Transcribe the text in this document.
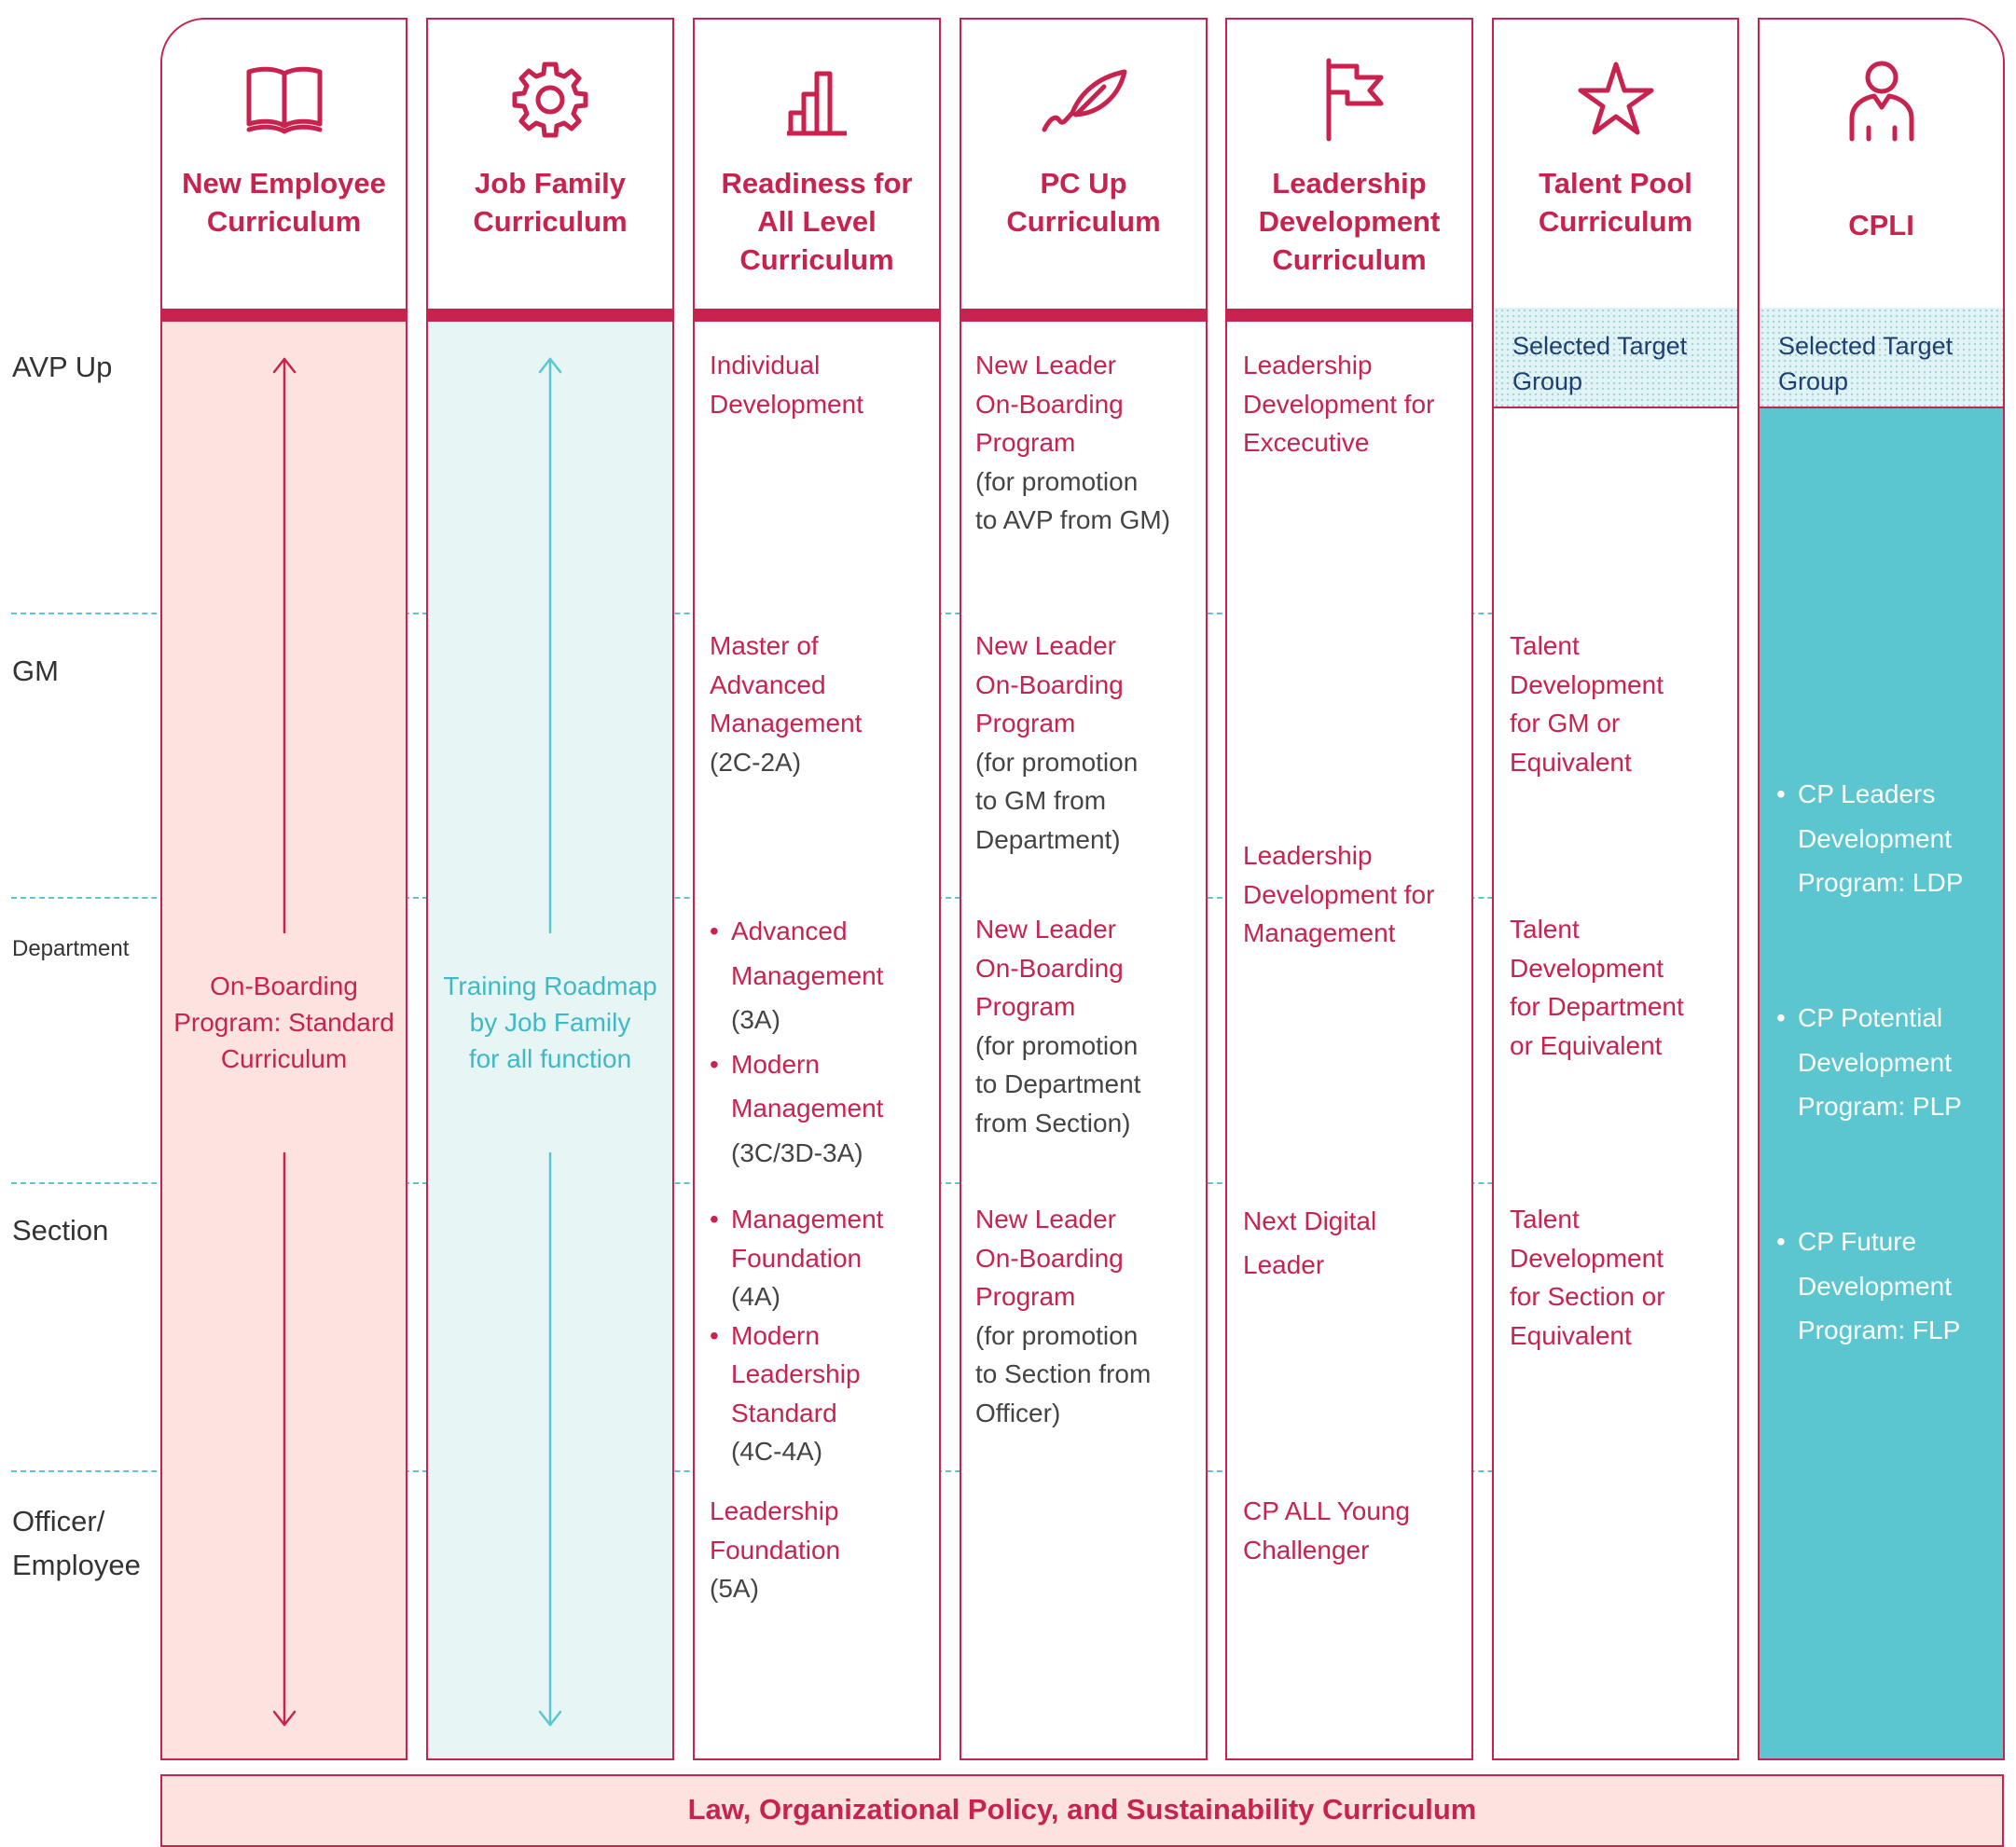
AVP Up
GM
Department
Section
Officer/
Employee
New Employee
Curriculum
Job Family
Curriculum
Readiness for
All Level
Curriculum
PC Up
Curriculum
Leadership
Development
Curriculum
Talent Pool
Curriculum	CPLI
On-Boarding
Program: Standard
Curriculum
Training Roadmap
by Job Family
for all function
Individual
Development
Master of
Advanced
Management
(2C-2A)
• Advanced
Management
(3A)
• Modern
Management
(3C/3D-3A)
• Management
Foundation
(4A)
• Modern
Leadership
Standard
(4C-4A)
Leadership
Foundation
(5A)
New Leader
On-Boarding
Program
(for promotion
to AVP from GM)
New Leader
On-Boarding
Program
(for promotion
to GM from
Department)
New Leader
On-Boarding
Program
(for promotion
to Department
from Section)
New Leader
On-Boarding
Program
(for promotion
to Section from
Officer)
Leadership
Development for
Excecutive
Leadership
Development for
Management
Next Digital
Leader
CP ALL Young
Challenger
Selected Target
Group
Talent
Development
for GM or
Equivalent
Talent
Development
for Department
or Equivalent
Talent
Development
for Section or
Equivalent
Selected Target
Group
• CP Leaders
Development
Program: LDP
• CP Potential
Development
Program: PLP
• CP Future
Development
Program: FLP
Law, Organizational Policy, and Sustainability Curriculum
